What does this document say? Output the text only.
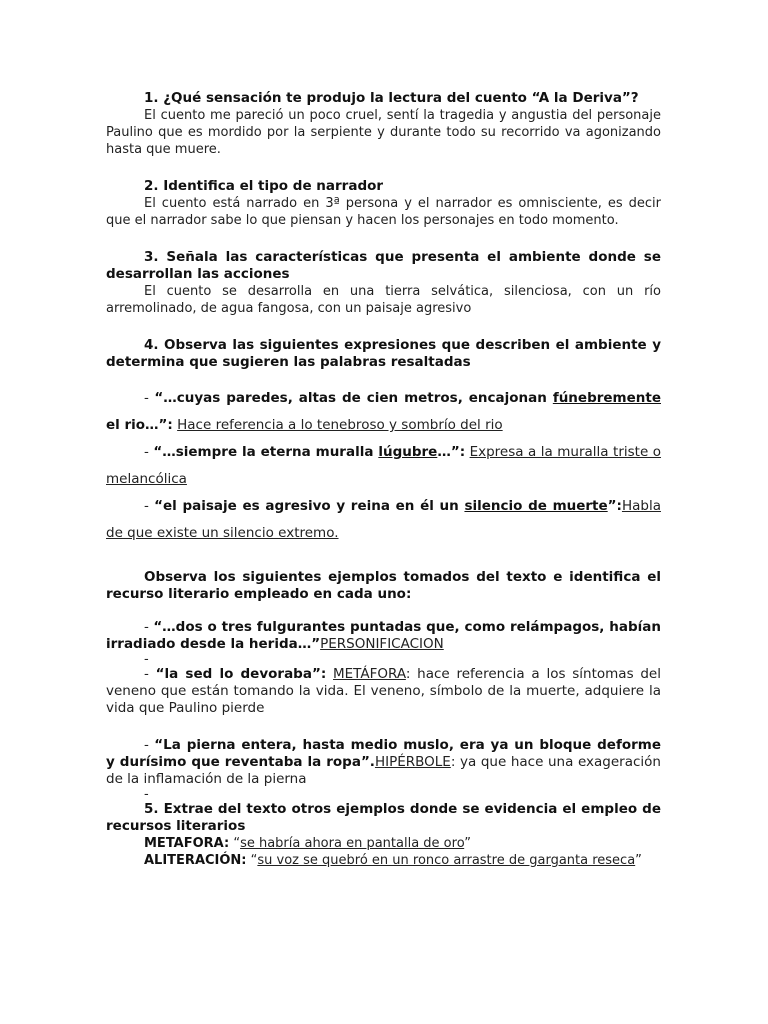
1. ¿Qué sensación te produjo la lectura del cuento “A la Deriva”?
El cuento me pareció un poco cruel, sentí la tragedia y angustia del personaje Paulino que es mordido por la serpiente y durante todo su recorrido va agonizando hasta que muere.
2. Identifica el tipo de narrador
El cuento está narrado en 3ª persona y el narrador es omnisciente, es decir que el narrador sabe lo que piensan y hacen los personajes en todo momento.
3. Señala las características que presenta el ambiente donde se desarrollan las acciones
El cuento se desarrolla en una tierra selvática, silenciosa, con un río arremolinado, de agua fangosa, con un paisaje agresivo
4. Observa las siguientes expresiones que describen el ambiente y determina que sugieren las palabras resaltadas
- “…cuyas paredes, altas de cien metros, encajonan fúnebremente el rio…”: Hace referencia a lo tenebroso y sombrío del rio
- “…siempre la eterna muralla lúgubre…”: Expresa a la muralla triste o melancólica
- “el paisaje es agresivo y reina en él un silencio de muerte”:Habla de que existe un silencio extremo.
Observa los siguientes ejemplos tomados del texto e identifica el recurso literario empleado en cada uno:
- “…dos o tres fulgurantes puntadas que, como relámpagos, habían irradiado desde la herida…”PERSONIFICACION
-
- “la sed lo devoraba”: METÁFORA: hace referencia a los síntomas del veneno que están tomando la vida. El veneno, símbolo de la muerte, adquiere la vida que Paulino pierde
- “La pierna entera, hasta medio muslo, era ya un bloque deforme y durísimo que reventaba la ropa”.HIPÉRBOLE: ya que hace una exageración de la inflamación de la pierna
-
5. Extrae del texto otros ejemplos donde se evidencia el empleo de recursos literarios
METAFORA: “se habría ahora en pantalla de oro”
ALITERACIÓN: “su voz se quebró en un ronco arrastre de garganta reseca”
